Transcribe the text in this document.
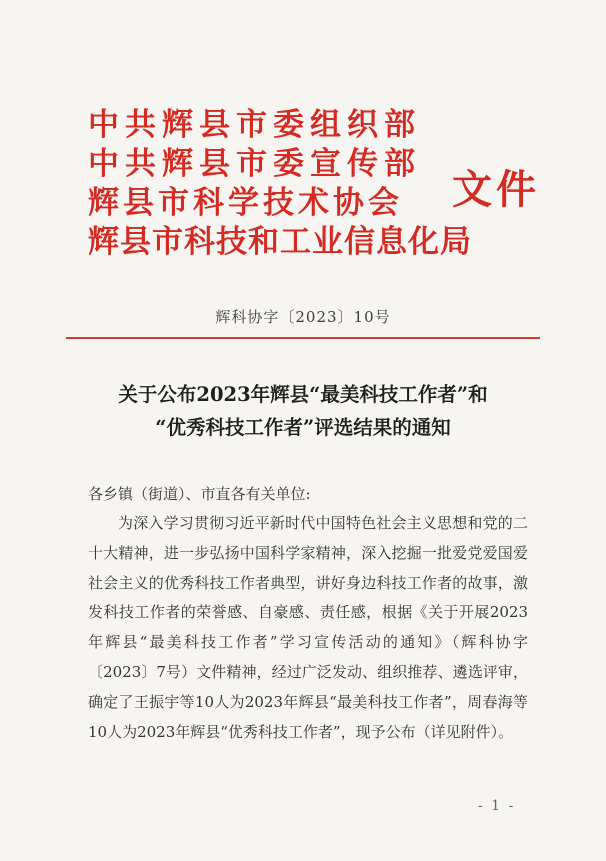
中共辉县市委组织部
中共辉县市委宣传部
辉县市科学技术协会
辉县市科技和工业信息化局
文件
辉科协字〔2023〕10号
关于公布2023年辉县“最美科技工作者”和
“优秀科技工作者”评选结果的通知
各乡镇（街道）、市直各有关单位:
为深入学习贯彻习近平新时代中国特色社会主义思想和党的二十大精神，进一步弘扬中国科学家精神，深入挖掘一批爱党爱国爱社会主义的优秀科技工作者典型，讲好身边科技工作者的故事，激发科技工作者的荣誉感、自豪感、责任感，根据《关于开展2023年辉县“最美科技工作者”学习宣传活动的通知》（辉科协字〔2023〕7号）文件精神，经过广泛发动、组织推荐、遴选评审，确定了王振宇等10人为2023年辉县“最美科技工作者”，周春海等10人为2023年辉县“优秀科技工作者”，现予公布（详见附件）。
- 1 -
